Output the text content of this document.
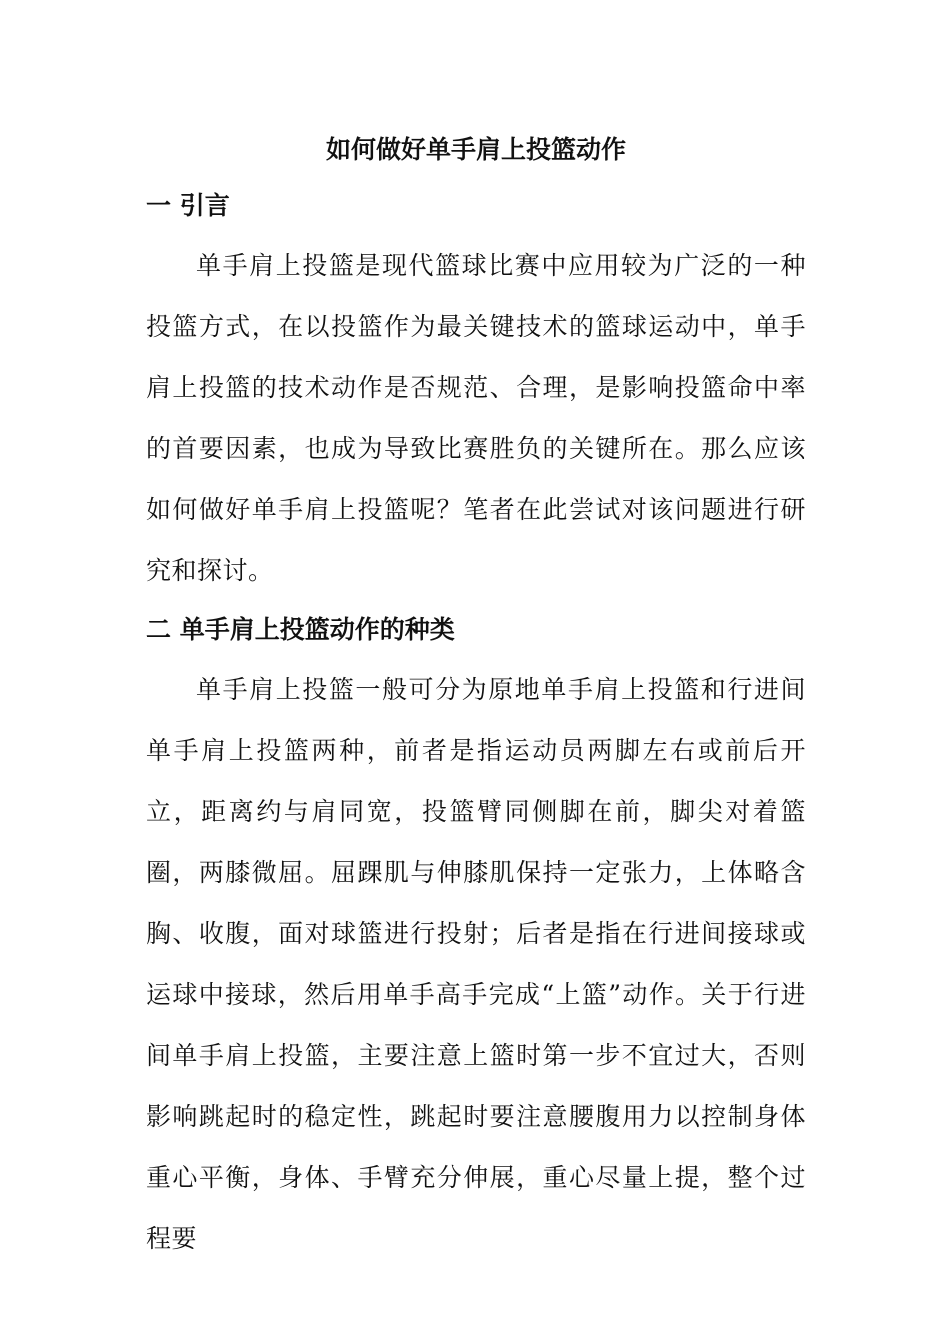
如何做好单手肩上投篮动作
一 引言

单手肩上投篮是现代篮球比赛中应用较为广泛的一种投篮方式，在以投篮作为最关键技术的篮球运动中，单手肩上投篮的技术动作是否规范、合理，是影响投篮命中率的首要因素，也成为导致比赛胜负的关键所在。那么应该如何做好单手肩上投篮呢？笔者在此尝试对该问题进行研究和探讨。

二 单手肩上投篮动作的种类

单手肩上投篮一般可分为原地单手肩上投篮和行进间单手肩上投篮两种，前者是指运动员两脚左右或前后开立，距离约与肩同宽，投篮臂同侧脚在前，脚尖对着篮圈，两膝微屈。屈踝肌与伸膝肌保持一定张力，上体略含胸、收腹，面对球篮进行投射；后者是指在行进间接球或运球中接球，然后用单手高手完成“上篮”动作。关于行进间单手肩上投篮，主要注意上篮时第一步不宜过大，否则影响跳起时的稳定性，跳起时要注意腰腹用力以控制身体重心平衡，身体、手臂充分伸展，重心尽量上提，整个过程要
